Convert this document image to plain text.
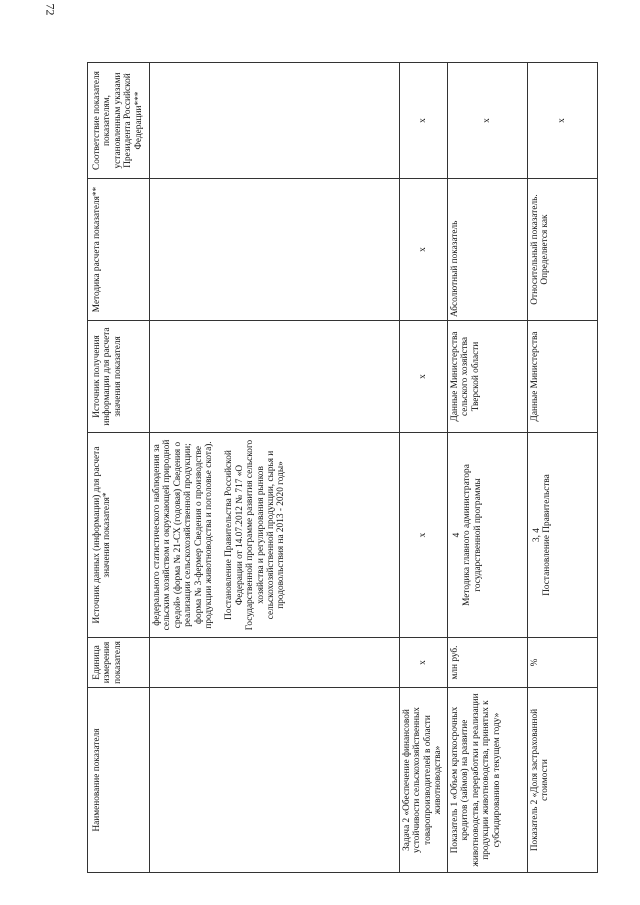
72
Наименование показателя	Единица измерения показателя	Источник данных (информации) для расчета значения показателя*	Источник получения информации для расчета значения показателя	Методика расчета показателя**	Соответствие показателя показателям, установленным указами Президента Российской Федерации***

		федерального статистического наблюдения за сельским хозяйством и окружающей природной средой» (форма № 21-СХ (годовая) Сведения о реализации сельскохозяйственной продукции; форма № 3-фермер Сведения о производстве продукции животноводства и поголовье скота). Постановление Правительства Российской Федерации от 14.07.2012 № 717 «О Государственной программе развития сельского хозяйства и регулирования рынков сельскохозяйственной продукции, сырья и продовольствия на 2013 - 2020 годы»			

Задача 2 «Обеспечение финансовой устойчивости сельскохозяйственных товаропроизводителей в области животноводства»	x	x	x	x	x
Показатель 1 «Объем краткосрочных кредитов (займов) на развитие животноводства, переработки и реализации продукции животноводства, принятых к субсидированию в текущем году»	млн руб.	4 Методика главного администратора государственной программы	Данные Министерства сельского хозяйства Тверской области	Абсолютный показатель	x
Показатель 2 «Доля застрахованной стоимости	%	3, 4 Постановление Правительства	Данные Министерства	Относительный показатель. Определяется как	x
